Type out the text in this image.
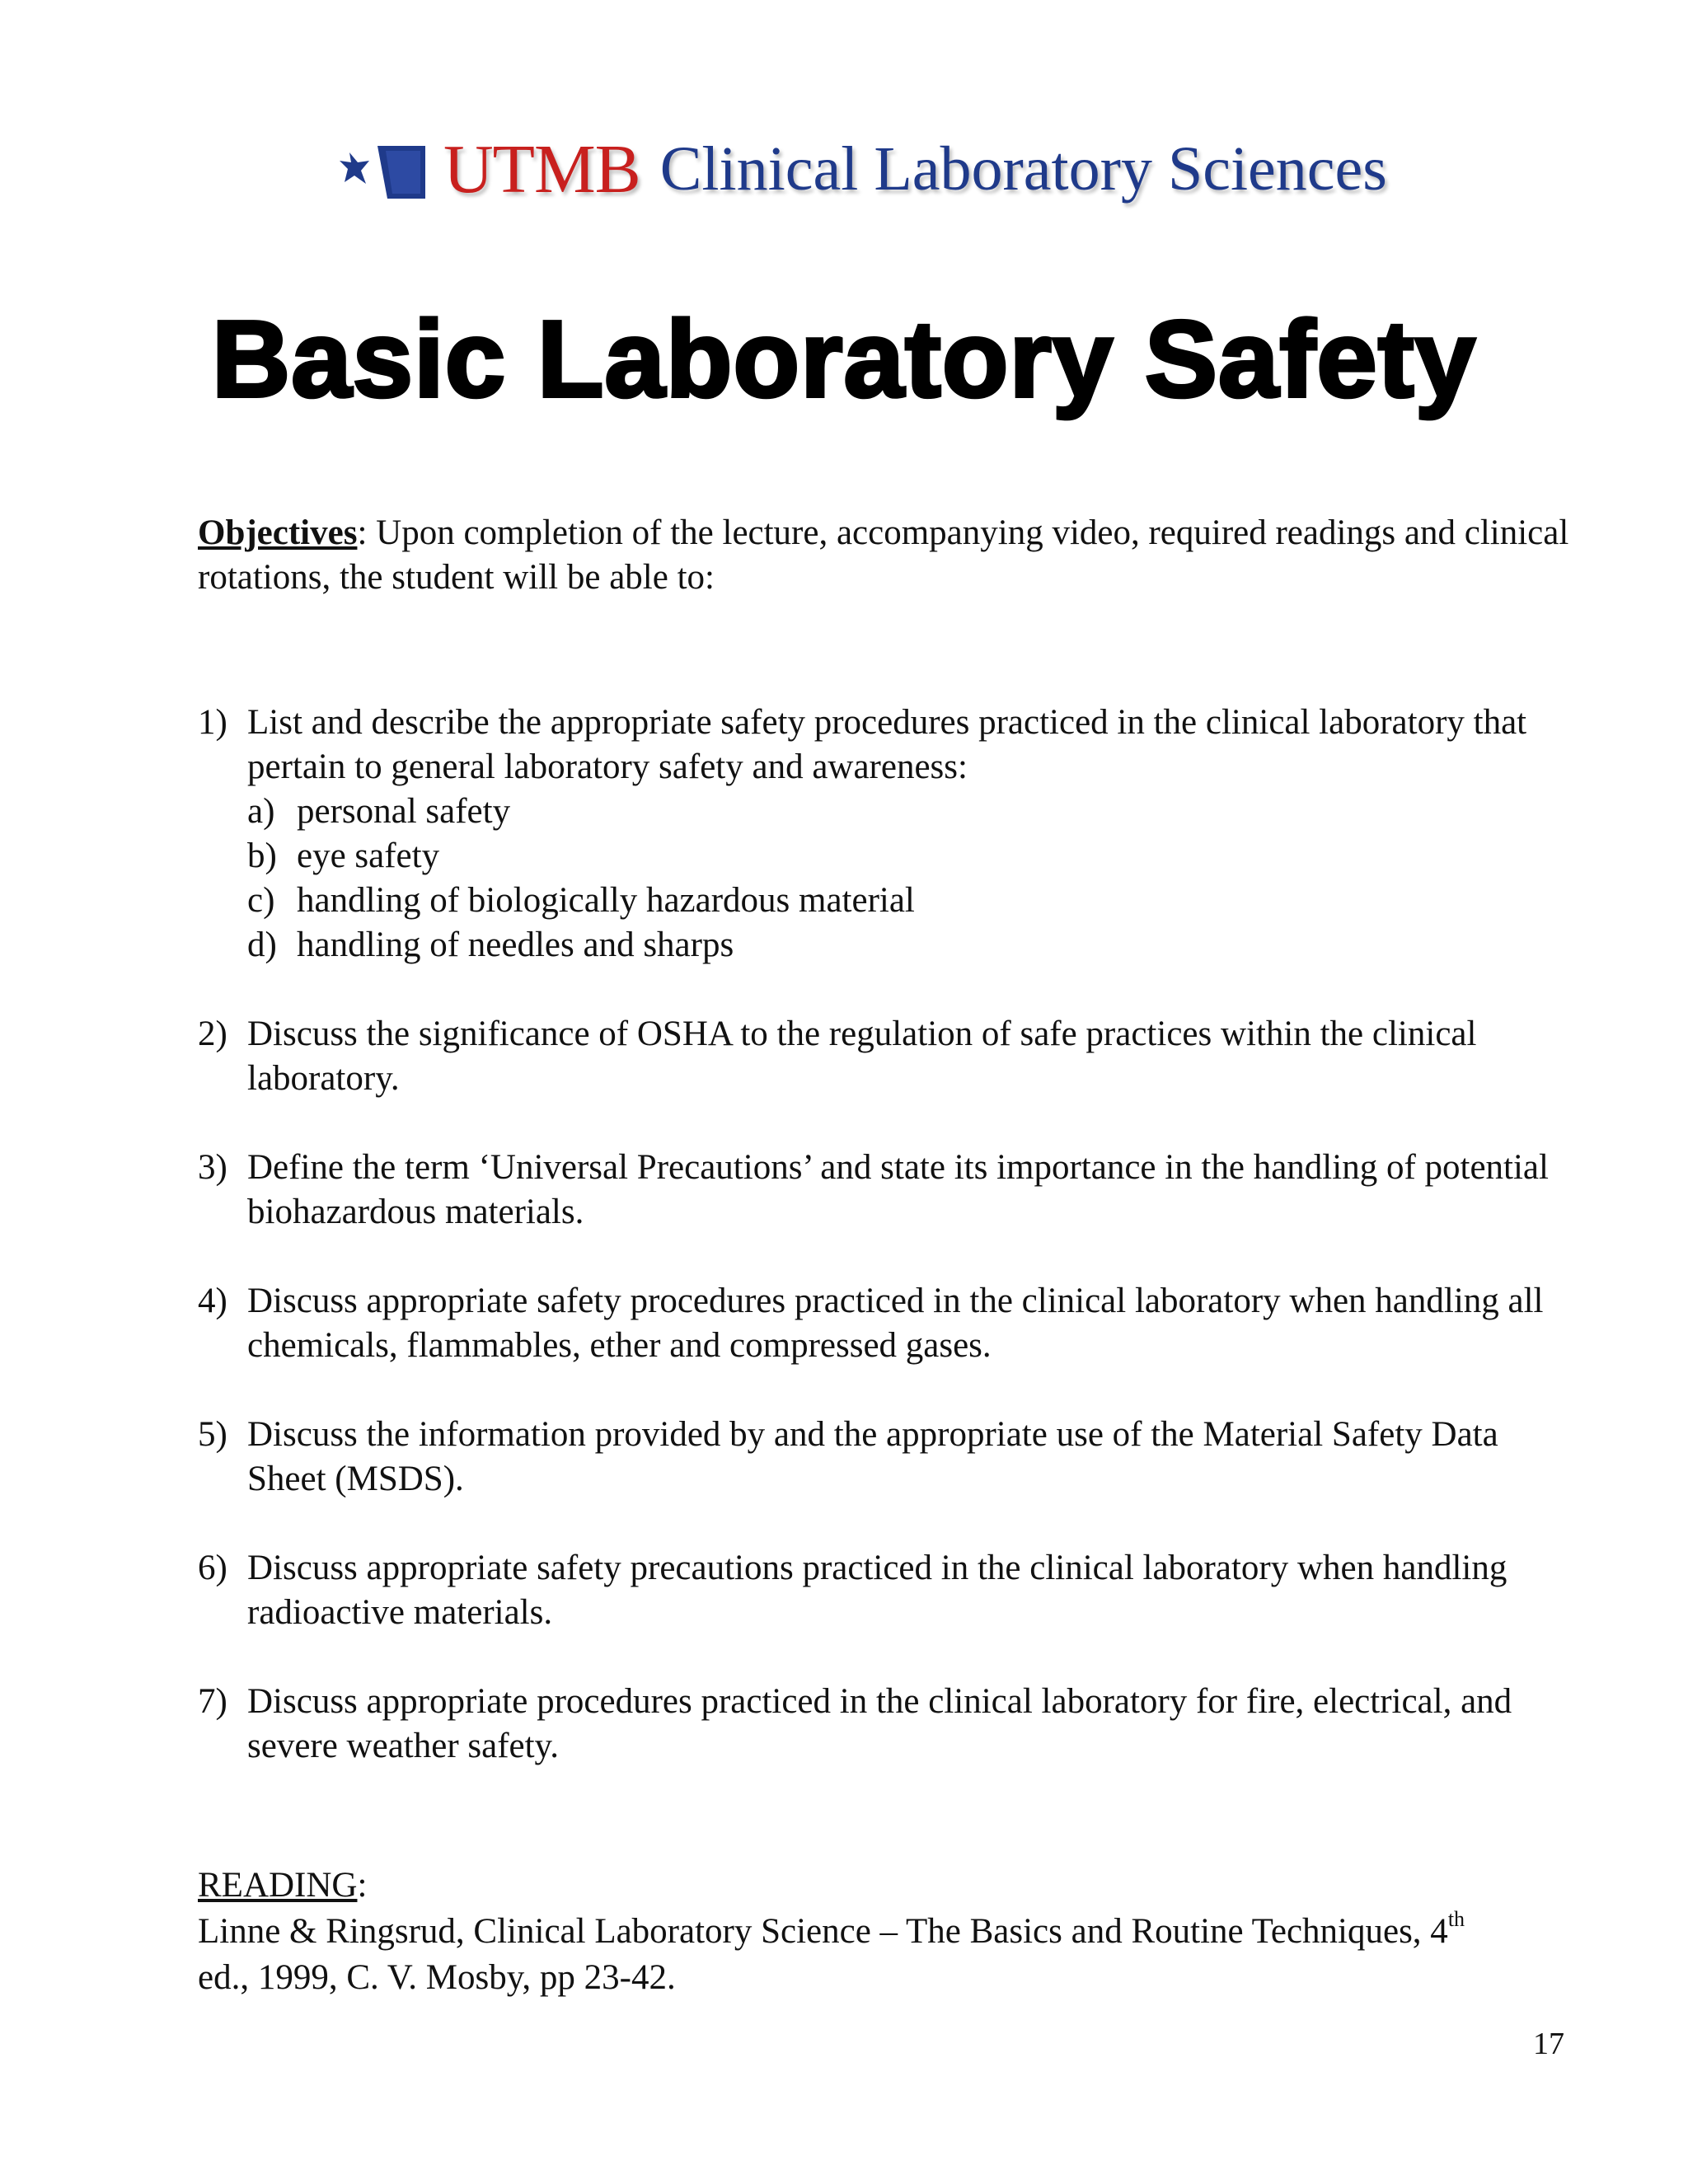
UTMB Clinical Laboratory Sciences
Basic Laboratory Safety

Objectives: Upon completion of the lecture, accompanying video, required readings and clinical rotations, the student will be able to:

1) List and describe the appropriate safety procedures practiced in the clinical laboratory that pertain to general laboratory safety and awareness:
a) personal safety
b) eye safety
c) handling of biologically hazardous material
d) handling of needles and sharps
2) Discuss the significance of OSHA to the regulation of safe practices within the clinical laboratory.
3) Define the term ‘Universal Precautions’ and state its importance in the handling of potential biohazardous materials.
4) Discuss appropriate safety procedures practiced in the clinical laboratory when handling all chemicals, flammables, ether and compressed gases.
5) Discuss the information provided by and the appropriate use of the Material Safety Data Sheet (MSDS).
6) Discuss appropriate safety precautions practiced in the clinical laboratory when handling radioactive materials.
7) Discuss appropriate procedures practiced in the clinical laboratory for fire, electrical, and severe weather safety.

READING:

Linne & Ringsrud, Clinical Laboratory Science – The Basics and Routine Techniques, 4th

ed., 1999, C. V. Mosby, pp 23-42.

17
